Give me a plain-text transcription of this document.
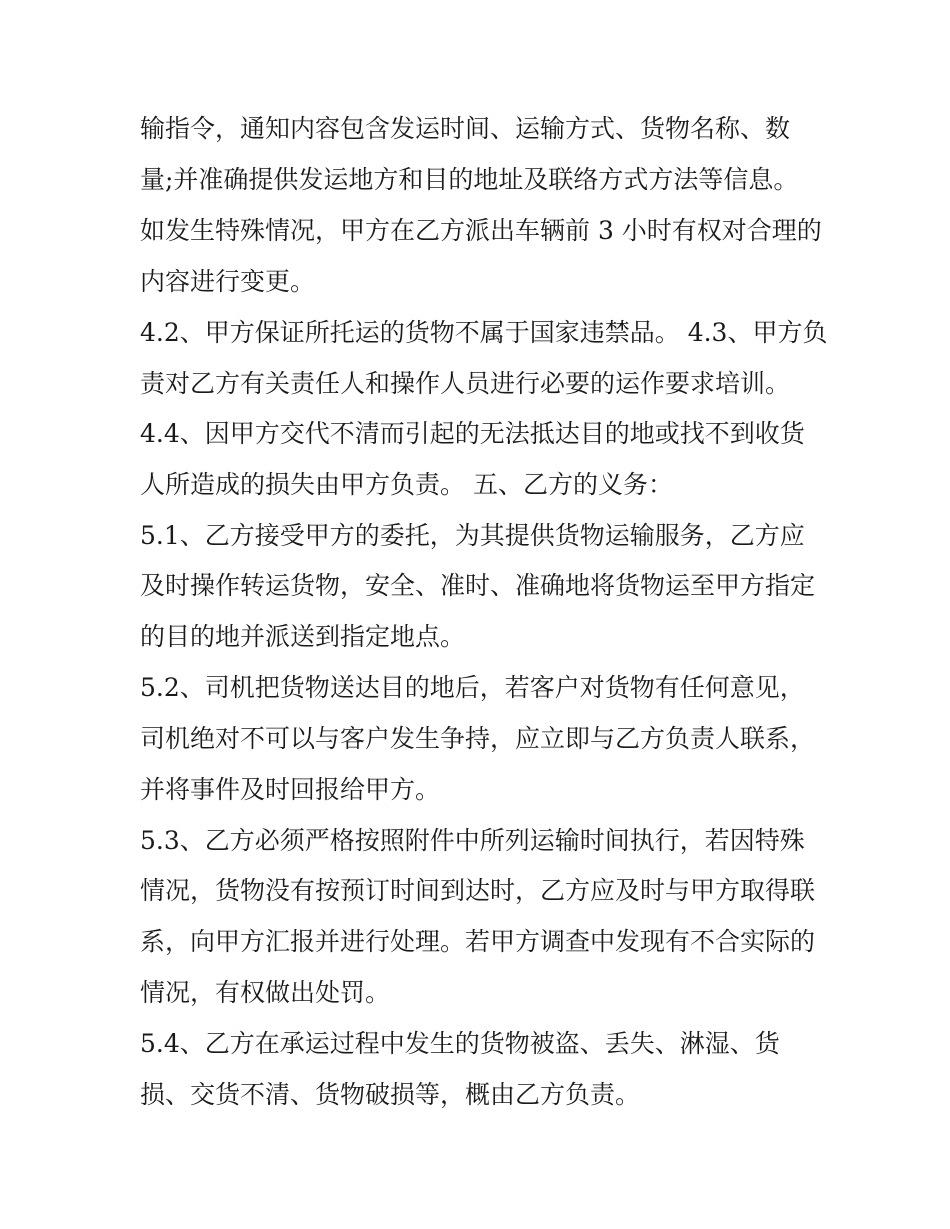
输指令，通知内容包含发运时间、运输方式、货物名称、数
量;并准确提供发运地方和目的地址及联络方式方法等信息。
如发生特殊情况，甲方在乙方派出车辆前 3 小时有权对合理的
内容进行变更。
4.2、甲方保证所托运的货物不属于国家违禁品。 4.3、甲方负
责对乙方有关责任人和操作人员进行必要的运作要求培训。
4.4、因甲方交代不清而引起的无法抵达目的地或找不到收货
人所造成的损失由甲方负责。 五、乙方的义务：
5.1、乙方接受甲方的委托，为其提供货物运输服务，乙方应
及时操作转运货物，安全、准时、准确地将货物运至甲方指定
的目的地并派送到指定地点。
5.2、司机把货物送达目的地后，若客户对货物有任何意见，
司机绝对不可以与客户发生争持，应立即与乙方负责人联系，
并将事件及时回报给甲方。
5.3、乙方必须严格按照附件中所列运输时间执行，若因特殊
情况，货物没有按预订时间到达时，乙方应及时与甲方取得联
系，向甲方汇报并进行处理。若甲方调查中发现有不合实际的
情况，有权做出处罚。
5.4、乙方在承运过程中发生的货物被盗、丢失、淋湿、货
损、交货不清、货物破损等，概由乙方负责。
